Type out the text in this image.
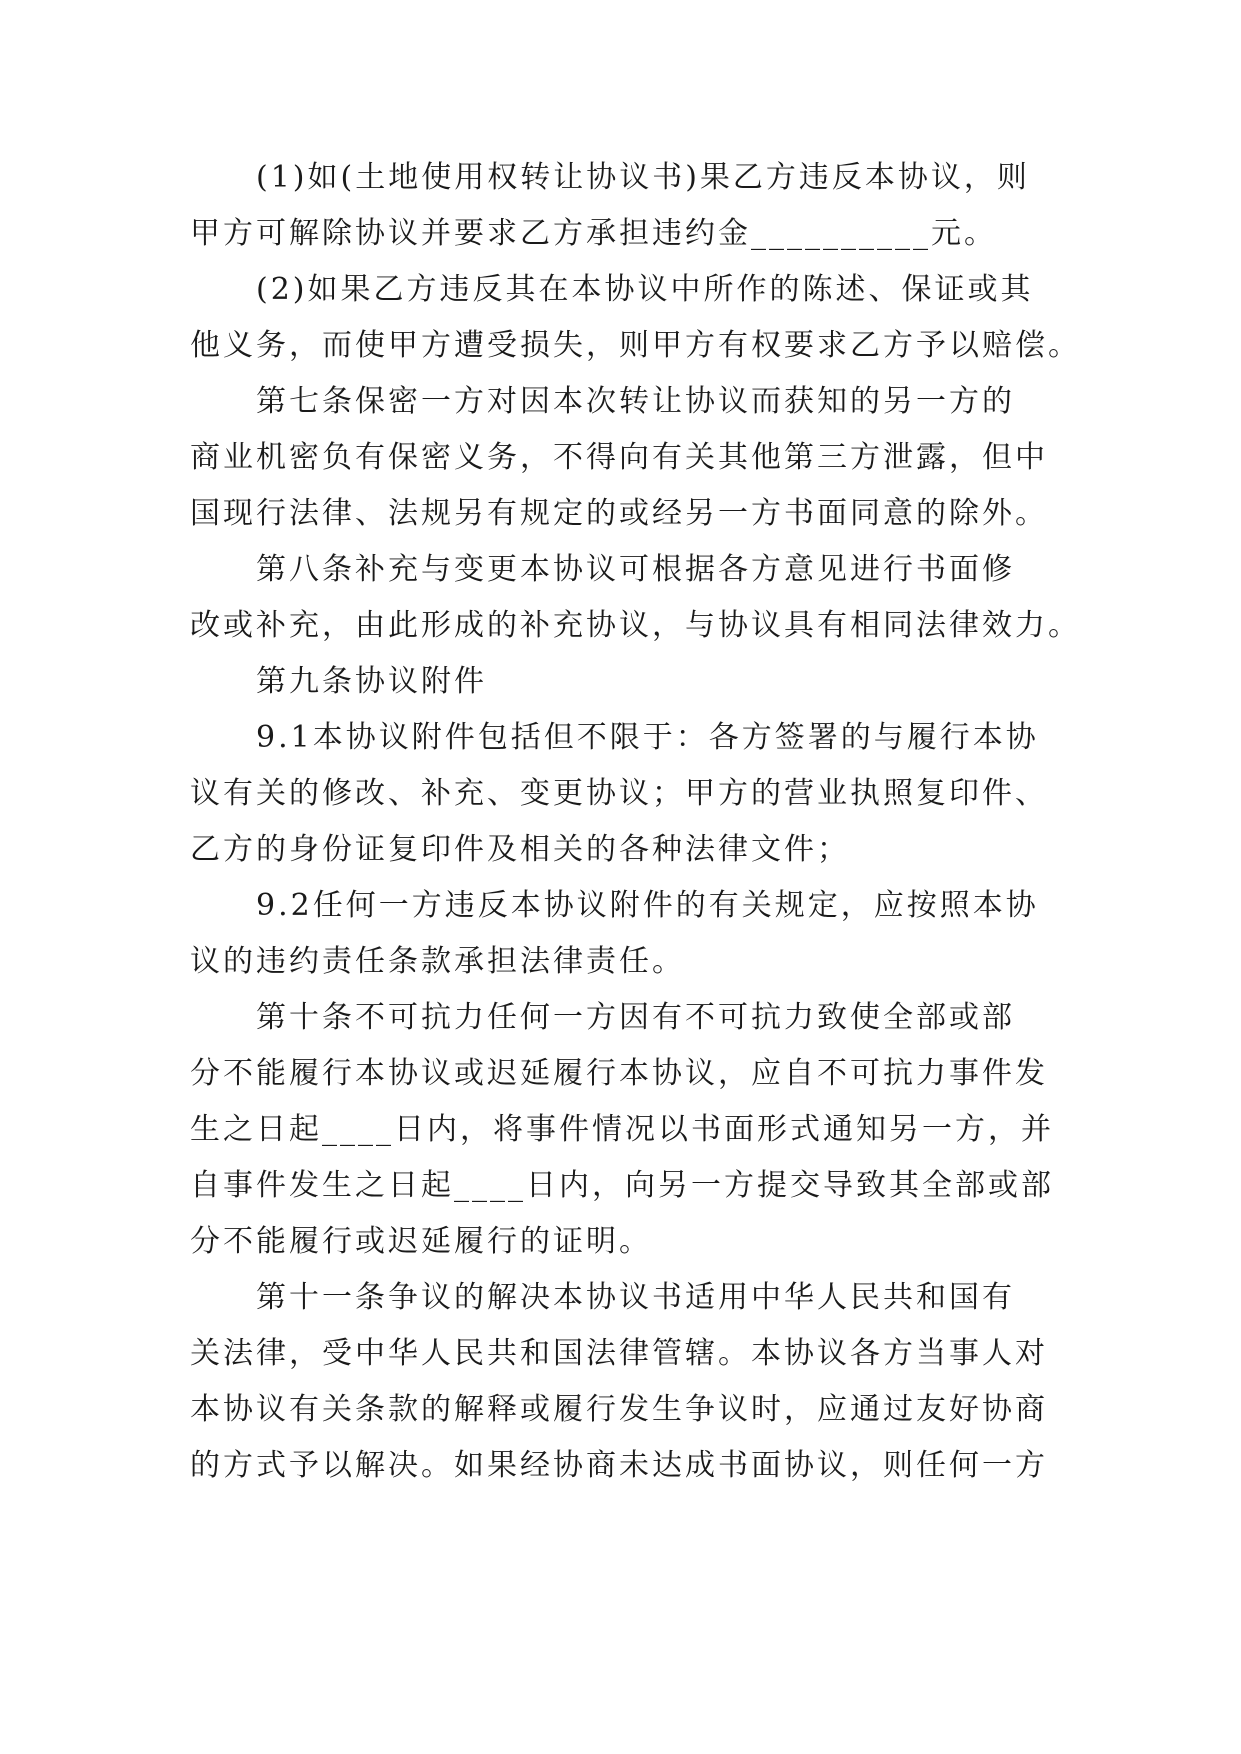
(1)如(土地使用权转让协议书)果乙方违反本协议，则
甲方可解除协议并要求乙方承担违约金__________元。

(2)如果乙方违反其在本协议中所作的陈述、保证或其
他义务，而使甲方遭受损失，则甲方有权要求乙方予以赔偿。

第七条保密一方对因本次转让协议而获知的另一方的
商业机密负有保密义务，不得向有关其他第三方泄露，但中
国现行法律、法规另有规定的或经另一方书面同意的除外。

第八条补充与变更本协议可根据各方意见进行书面修
改或补充，由此形成的补充协议，与协议具有相同法律效力。

第九条协议附件

9.1本协议附件包括但不限于：各方签署的与履行本协
议有关的修改、补充、变更协议；甲方的营业执照复印件、
乙方的身份证复印件及相关的各种法律文件；

9.2任何一方违反本协议附件的有关规定，应按照本协
议的违约责任条款承担法律责任。

第十条不可抗力任何一方因有不可抗力致使全部或部
分不能履行本协议或迟延履行本协议，应自不可抗力事件发
生之日起____日内，将事件情况以书面形式通知另一方，并
自事件发生之日起____日内，向另一方提交导致其全部或部
分不能履行或迟延履行的证明。

第十一条争议的解决本协议书适用中华人民共和国有
关法律，受中华人民共和国法律管辖。本协议各方当事人对
本协议有关条款的解释或履行发生争议时，应通过友好协商
的方式予以解决。如果经协商未达成书面协议，则任何一方
